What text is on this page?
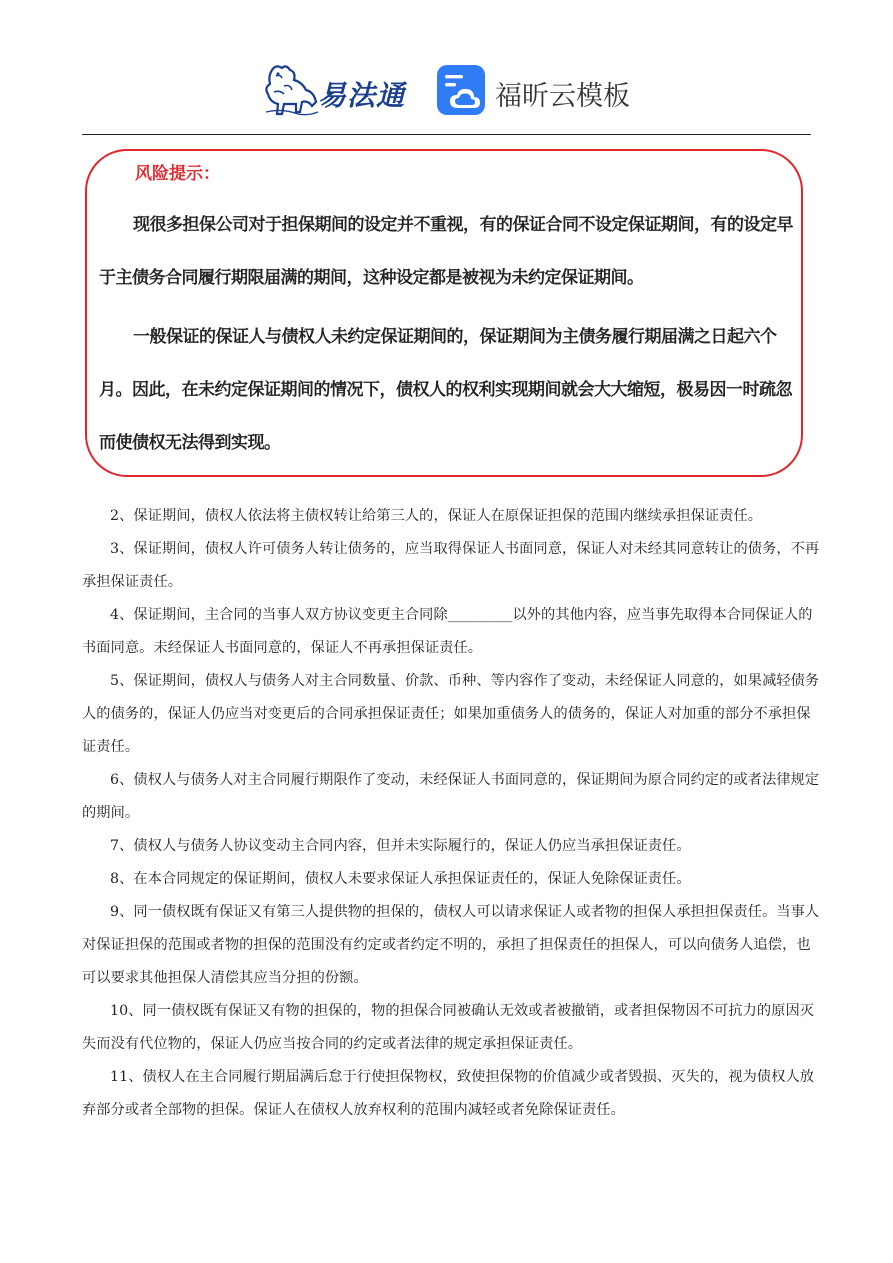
易法通	福昕云模板
风险提示：
现很多担保公司对于担保期间的设定并不重视，有的保证合同不设定保证期间，有的设定早于主债务合同履行期限届满的期间，这种设定都是被视为未约定保证期间。
一般保证的保证人与债权人未约定保证期间的，保证期间为主债务履行期届满之日起六个月。因此，在未约定保证期间的情况下，债权人的权利实现期间就会大大缩短，极易因一时疏忽而使债权无法得到实现。

2、保证期间，债权人依法将主债权转让给第三人的，保证人在原保证担保的范围内继续承担保证责任。

3、保证期间，债权人许可债务人转让债务的，应当取得保证人书面同意，保证人对未经其同意转让的债务，不再承担保证责任。

4、保证期间，主合同的当事人双方协议变更主合同除_________以外的其他内容，应当事先取得本合同保证人的书面同意。未经保证人书面同意的，保证人不再承担保证责任。

5、保证期间，债权人与债务人对主合同数量、价款、币种、等内容作了变动，未经保证人同意的，如果减轻债务人的债务的，保证人仍应当对变更后的合同承担保证责任；如果加重债务人的债务的，保证人对加重的部分不承担保证责任。

6、债权人与债务人对主合同履行期限作了变动，未经保证人书面同意的，保证期间为原合同约定的或者法律规定的期间。

7、债权人与债务人协议变动主合同内容，但并未实际履行的，保证人仍应当承担保证责任。

8、在本合同规定的保证期间，债权人未要求保证人承担保证责任的，保证人免除保证责任。

9、同一债权既有保证又有第三人提供物的担保的，债权人可以请求保证人或者物的担保人承担担保责任。当事人对保证担保的范围或者物的担保的范围没有约定或者约定不明的，承担了担保责任的担保人，可以向债务人追偿，也可以要求其他担保人清偿其应当分担的份额。

10、同一债权既有保证又有物的担保的，物的担保合同被确认无效或者被撤销，或者担保物因不可抗力的原因灭失而没有代位物的，保证人仍应当按合同的约定或者法律的规定承担保证责任。

11、债权人在主合同履行期届满后怠于行使担保物权，致使担保物的价值减少或者毁损、灭失的，视为债权人放弃部分或者全部物的担保。保证人在债权人放弃权利的范围内减轻或者免除保证责任。
